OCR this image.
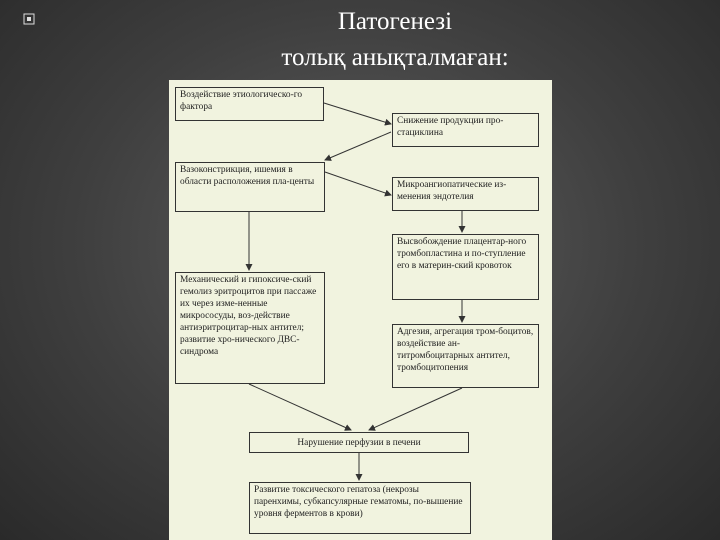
Патогенезі
толық анықталмаған:
Воздействие этиологическо-го фактора
Снижение продукции про-стациклина
Вазоконстрикция, ишемия в области расположения пла-центы	Микроангиопатические из-менения эндотелия
Высвобождение плацентар-ного тромбопластина и по-ступление его в материн-ский кровоток
Механический и гипоксиче-ский гемолиз эритроцитов при пассаже их через изме-ненные микрососуды, воз-действие антиэритроцитар-ных антител; развитие хро-нического ДВС-синдрома
Адгезия, агрегация тром-боцитов, воздействие ан-титромбоцитарных антител, тромбоцитопения
Нарушение перфузии в печени
Развитие токсического гепатоза (некрозы паренхимы, субкапсулярные гематомы, по-вышение уровня ферментов в крови)
